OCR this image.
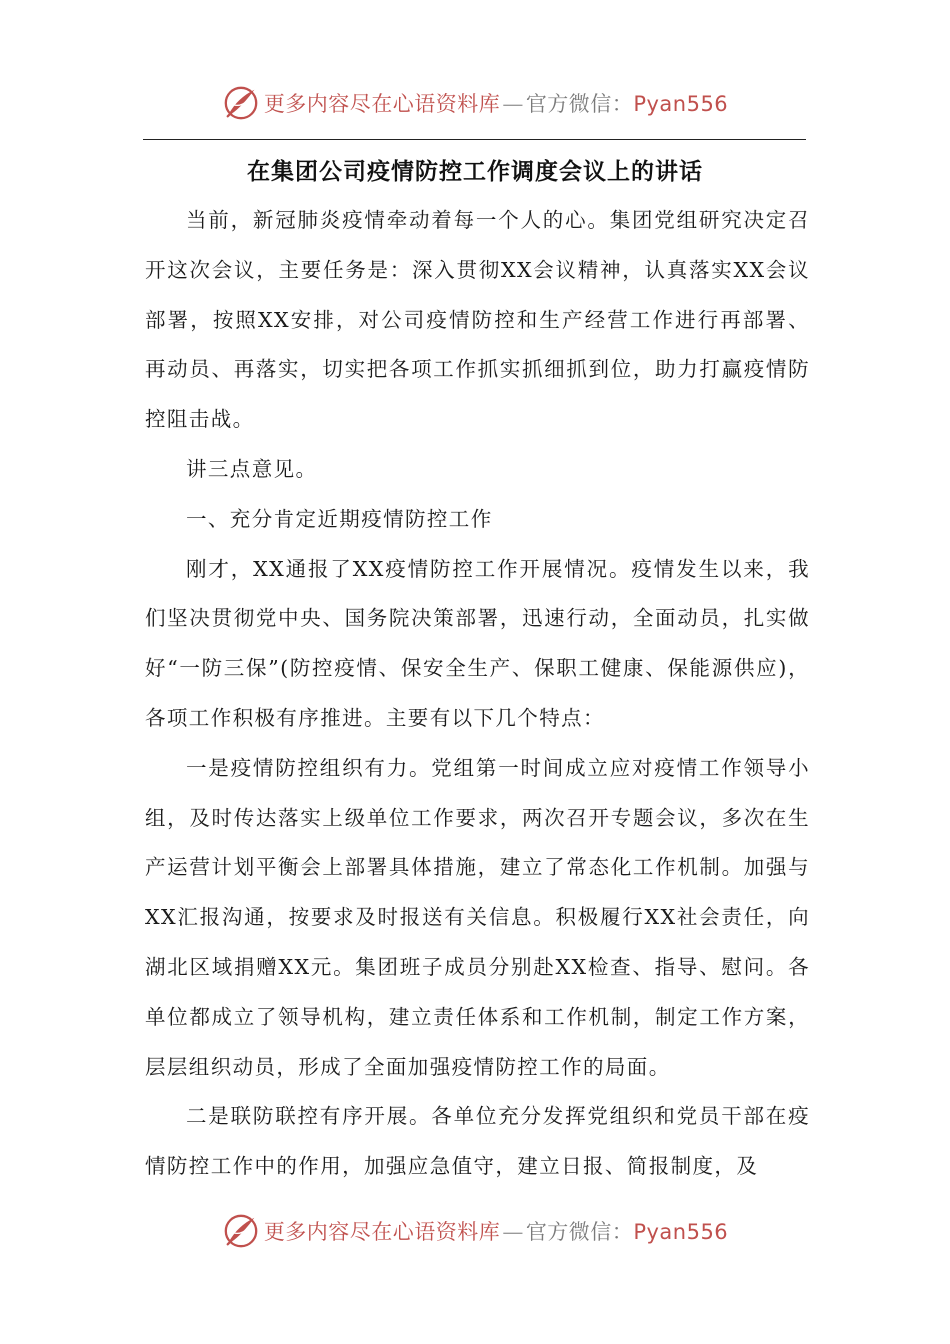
更多内容尽在心语资料库—官方微信：Pyan556
在集团公司疫情防控工作调度会议上的讲话

当前，新冠肺炎疫情牵动着每一个人的心。集团党组研究决定召开这次会议，主要任务是：深入贯彻XX会议精神，认真落实XX会议部署，按照XX安排，对公司疫情防控和生产经营工作进行再部署、再动员、再落实，切实把各项工作抓实抓细抓到位，助力打赢疫情防控阻击战。

讲三点意见。

一、充分肯定近期疫情防控工作

刚才，XX通报了XX疫情防控工作开展情况。疫情发生以来，我们坚决贯彻党中央、国务院决策部署，迅速行动，全面动员，扎实做好“一防三保”(防控疫情、保安全生产、保职工健康、保能源供应)，各项工作积极有序推进。主要有以下几个特点：

一是疫情防控组织有力。党组第一时间成立应对疫情工作领导小组，及时传达落实上级单位工作要求，两次召开专题会议，多次在生产运营计划平衡会上部署具体措施，建立了常态化工作机制。加强与XX汇报沟通，按要求及时报送有关信息。积极履行XX社会责任，向湖北区域捐赠XX元。集团班子成员分别赴XX检查、指导、慰问。各单位都成立了领导机构，建立责任体系和工作机制，制定工作方案，层层组织动员，形成了全面加强疫情防控工作的局面。

二是联防联控有序开展。各单位充分发挥党组织和党员干部在疫情防控工作中的作用，加强应急值守，建立日报、简报制度，及

更多内容尽在心语资料库—官方微信：Pyan556
